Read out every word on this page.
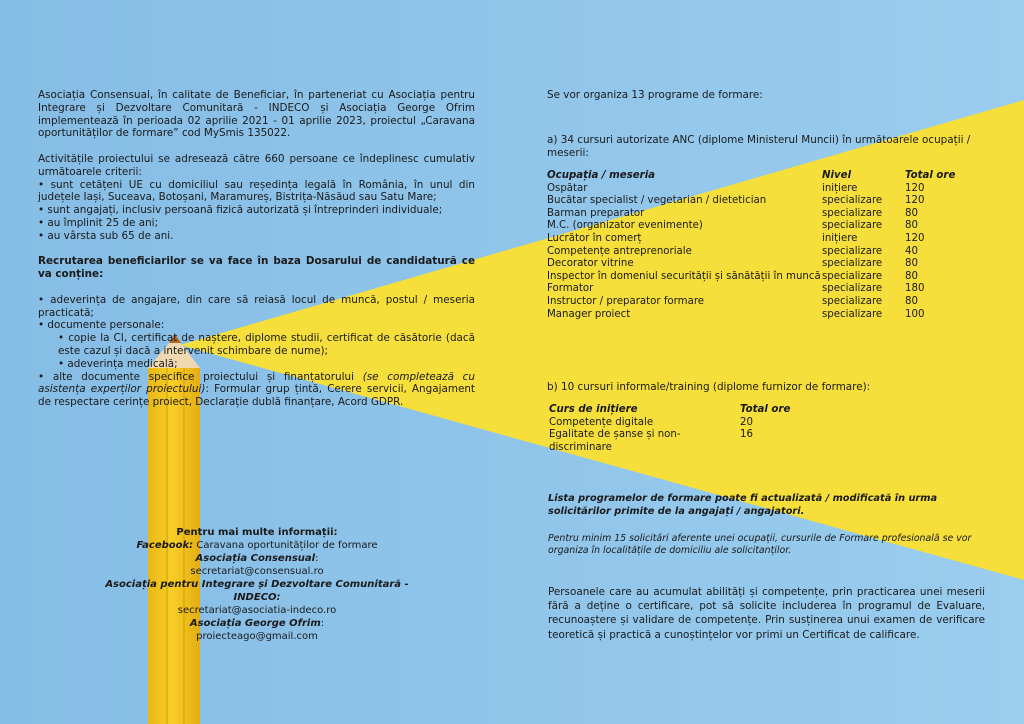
Asociația Consensual, în calitate de Beneficiar, în parteneriat cu Asociația pentru Integrare și Dezvoltare Comunitară - INDECO și Asociația George Ofrim implementează în perioada 02 aprilie 2021 - 01 aprilie 2023, proiectul „Caravana oportunităților de formare” cod MySmis 135022.

Activitățile proiectului se adresează către 660 persoane ce îndeplinesc cumulativ următoarele criterii:

• sunt cetățeni UE cu domiciliul sau reședința legală în România, în unul din județele Iași, Suceava, Botoșani, Maramureș, Bistrița-Năsăud sau Satu Mare;

• sunt angajați, inclusiv persoană fizică autorizată și întreprinderi individuale;

• au împlinit 25 de ani;

• au vârsta sub 65 de ani.

Recrutarea beneficiarilor se va face în baza Dosarului de candidatură ce va conține:

• adeverința de angajare, din care să reiasă locul de muncă, postul / meseria practicată;

• documente personale:

• copie la CI, certificat de naștere, diplome studii, certificat de căsătorie (dacă este cazul și dacă a intervenit schimbare de nume);

• adeverința medicală;

• alte documente specifice proiectului și finanțatorului (se completează cu asistența experților proiectului): Formular grup țintă, Cerere servicii, Angajament de respectare cerințe proiect, Declarație dublă finanțare, Acord GDPR.

Pentru mai multe informații:

Facebook: Caravana oportunităților de formare

Asociația Consensual:

secretariat@consensual.ro

Asociația pentru Integrare și Dezvoltare Comunitară - INDECO:

secretariat@asociatia-indeco.ro

Asociația George Ofrim:

proiecteago@gmail.com

Se vor organiza 13 programe de formare:
a) 34 cursuri autorizate ANC (diplome Ministerul Muncii) în următoarele ocupații / meserii:
Ocupația / meseria	Nivel	Total ore
Ospătar	inițiere	120
Bucătar specialist / vegetarian / dietetician	specializare	120
Barman preparator	specializare	80
M.C. (organizator evenimente)	specializare	80
Lucrător în comerț	inițiere	120
Competențe antreprenoriale	specializare	40
Decorator vitrine	specializare	80
Inspector în domeniul securității și sănătății în muncă	specializare	80
Formator	specializare	180
Instructor / preparator formare	specializare	80
Manager proiect	specializare	100
b) 10 cursuri informale/training (diplome furnizor de formare):
Curs de inițiere	Total ore
Competențe digitale	20
Egalitate de șanse și non-discriminare	16
Lista programelor de formare poate fi actualizată / modificată în urma solicitărilor primite de la angajați / angajatori.
Pentru minim 15 solicitări aferente unei ocupații, cursurile de Formare profesională se vor organiza în localitățile de domiciliu ale solicitanților.
Persoanele care au acumulat abilități și competențe, prin practicarea unei meserii fără a deține o certificare, pot să solicite includerea în programul de Evaluare, recunoaștere și validare de competențe. Prin susținerea unui examen de verificare teoretică și practică a cunoștințelor vor primi un Certificat de calificare.
